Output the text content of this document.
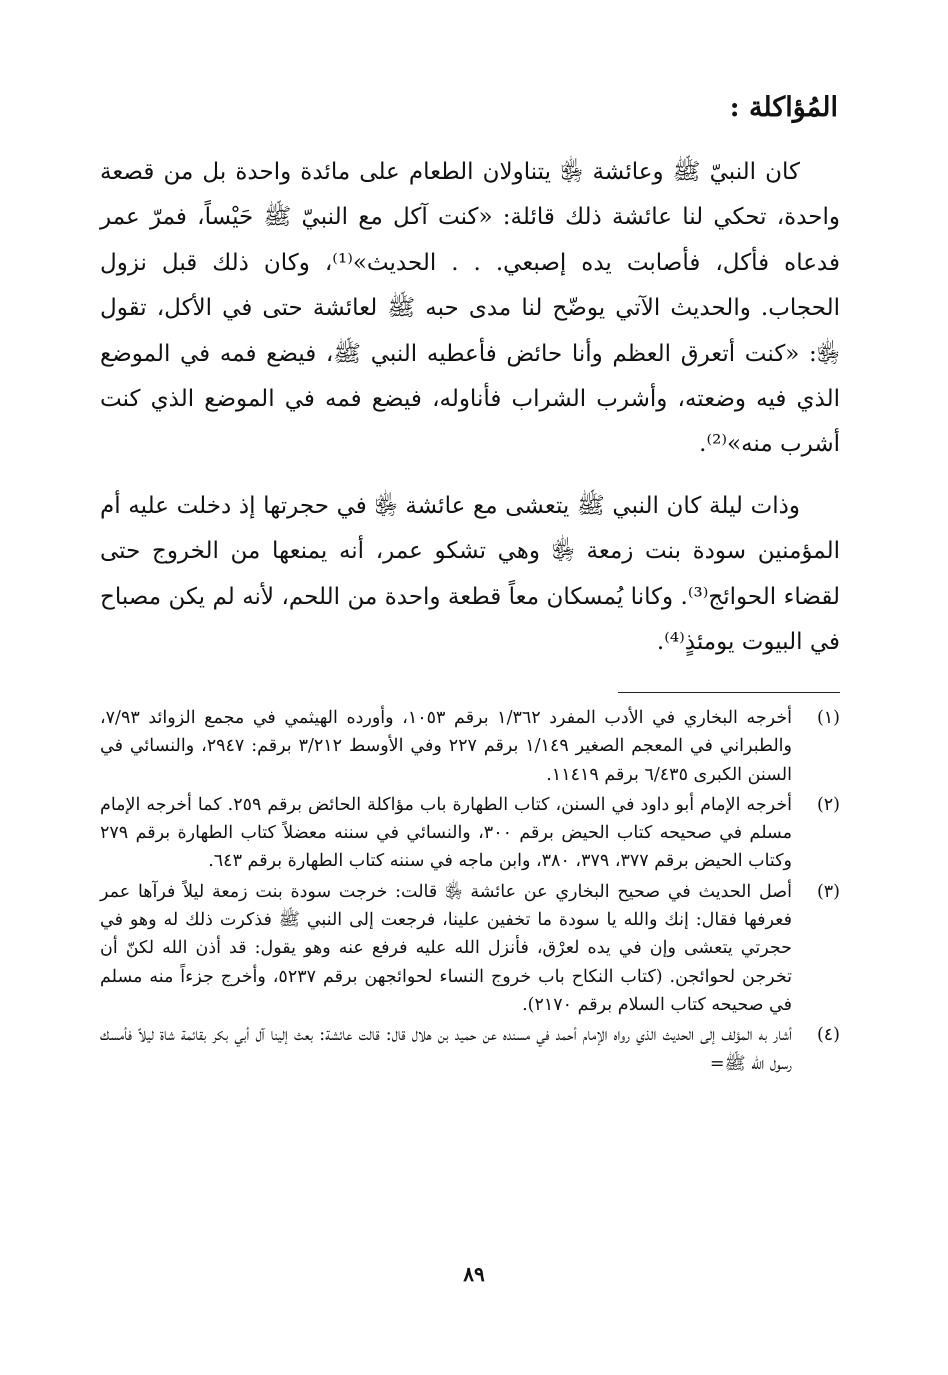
المُؤاكلة :

كان النبيّ ﷺ وعائشة ﵂ يتناولان الطعام على مائدة واحدة بل من قصعة واحدة، تحكي لنا عائشة ذلك قائلة: «كنت آكل مع النبيّ ﷺ حَيْساً، فمرّ عمر فدعاه فأكل، فأصابت يده إصبعي. . . الحديث»⁽¹⁾، وكان ذلك قبل نزول الحجاب. والحديث الآتي يوضّح لنا مدى حبه ﷺ لعائشة حتى في الأكل، تقول ﵂: «كنت أتعرق العظم وأنا حائض فأعطيه النبي ﷺ، فيضع فمه في الموضع الذي فيه وضعته، وأشرب الشراب فأناوله، فيضع فمه في الموضع الذي كنت أشرب منه»⁽²⁾.

وذات ليلة كان النبي ﷺ يتعشى مع عائشة ﵂ في حجرتها إذ دخلت عليه أم المؤمنين سودة بنت زمعة ﵂ وهي تشكو عمر، أنه يمنعها من الخروج حتى لقضاء الحوائج⁽³⁾. وكانا يُمسكان معاً قطعة واحدة من اللحم، لأنه لم يكن مصباح في البيوت يومئذٍ⁽⁴⁾.

(١)
أخرجه البخاري في الأدب المفرد ١/٣٦٢ برقم ١٠٥٣، وأورده الهيثمي في مجمع الزوائد ٧/٩٣، والطبراني في المعجم الصغير ١/١٤٩ برقم ٢٢٧ وفي الأوسط ٣/٢١٢ برقم: ٢٩٤٧، والنسائي في السنن الكبرى ٦/٤٣٥ برقم ١١٤١٩.
(٢)
أخرجه الإمام أبو داود في السنن، كتاب الطهارة باب مؤاكلة الحائض برقم ٢٥٩. كما أخرجه الإمام مسلم في صحيحه كتاب الحيض برقم ٣٠٠، والنسائي في سننه معضلاً كتاب الطهارة برقم ٢٧٩ وكتاب الحيض برقم ٣٧٧، ٣٧٩، ٣٨٠، وابن ماجه في سننه كتاب الطهارة برقم ٦٤٣.
(٣)
أصل الحديث في صحيح البخاري عن عائشة ﵂ قالت: خرجت سودة بنت زمعة ليلاً فرآها عمر فعرفها فقال: إنك والله يا سودة ما تخفين علينا، فرجعت إلى النبي ﷺ فذكرت ذلك له وهو في حجرتي يتعشى وإن في يده لعرْق، فأنزل الله عليه فرفع عنه وهو يقول: قد أذن الله لكنّ أن تخرجن لحوائجن. (كتاب النكاح باب خروج النساء لحوائجهن برقم ٥٢٣٧، وأخرج جزءاً منه مسلم في صحيحه كتاب السلام برقم ٢١٧٠).
(٤)
أشار به المؤلف إلى الحديث الذي رواه الإمام أحمد في مسنده عن حميد بن هلال قال: قالت عائشة: بعث إلينا آل أبي بكر بقائمة شاة ليلاً فأمسك رسول الله ﷺ=
٨٩
